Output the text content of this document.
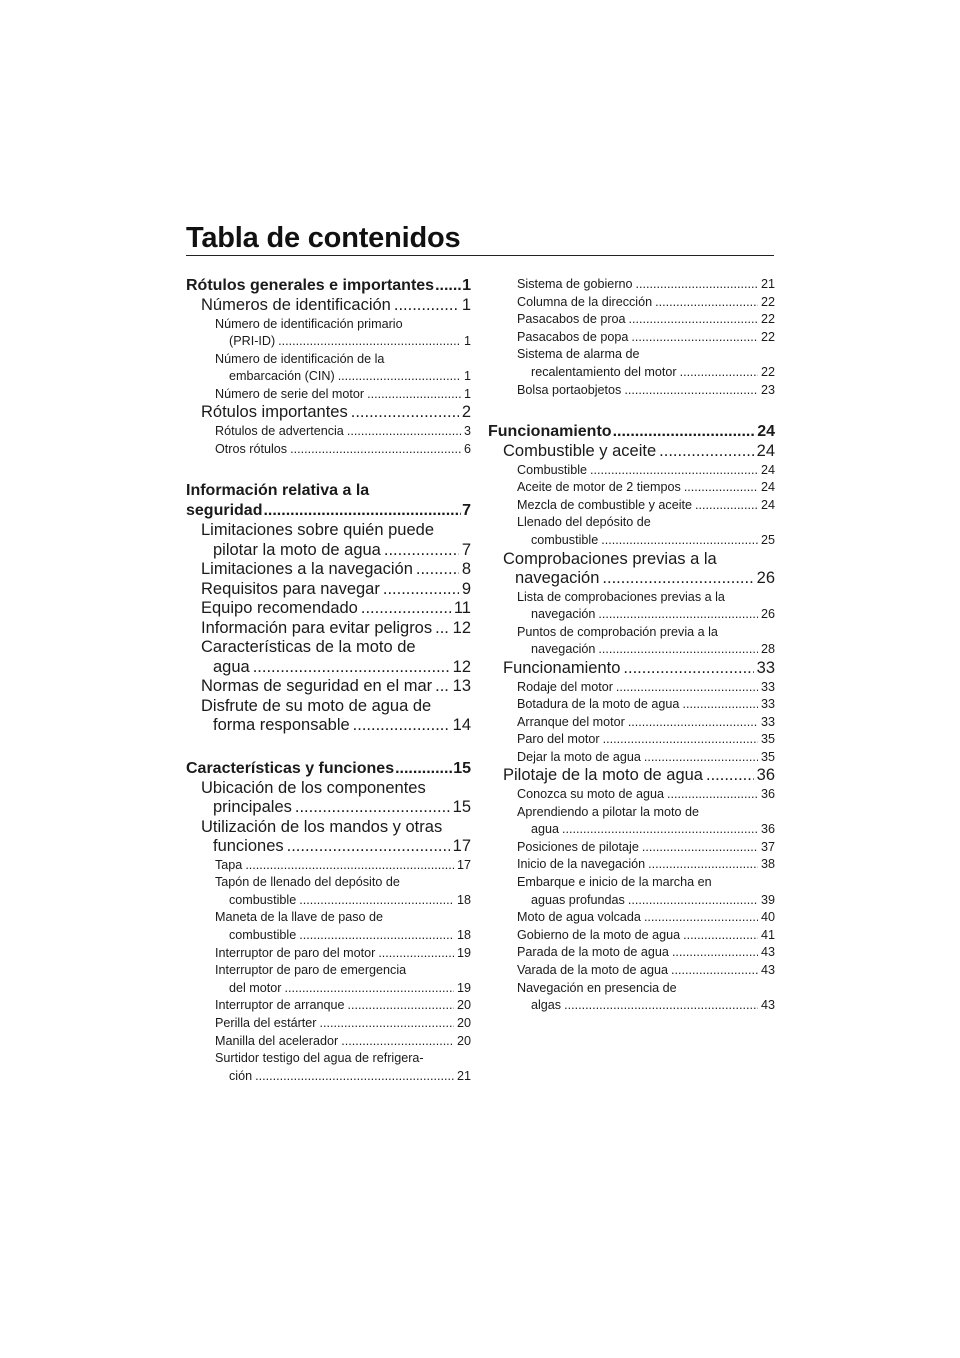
Tabla de contenidos
Rótulos generales e importantes ..... 1
Números de identificación .....	1
Número de identificación primario
(PRI-ID) .....	1
Número de identificación de la
embarcación (CIN) .....	1
Número de serie del motor .....	1
Rótulos importantes .....	2
Rótulos de advertencia .....	3
Otros rótulos .....	6
Información relativa a la
seguridad .....	7
Limitaciones sobre quién puede
pilotar la moto de agua .....	7
Limitaciones a la navegación .....	8
Requisitos para navegar .....	9
Equipo recomendado .....	11
Información para evitar peligros ..... 12
Características de la moto de
agua .....	12
Normas de seguridad en el mar ..... 13
Disfrute de su moto de agua de
forma responsable .....	14
Características y funciones .....	15
Ubicación de los componentes
principales .....	15
Utilización de los mandos y otras
funciones .....	17
Tapa .....	17
Tapón de llenado del depósito de
combustible .....	18
Maneta de la llave de paso de
combustible .....	18
Interruptor de paro del motor .....	19
Interruptor de paro de emergencia
del motor .....	19
Interruptor de arranque .....	20
Perilla del estárter .....	20
Manilla del acelerador .....	20
Surtidor testigo del agua de refrigera-
ción .....	21
Sistema de gobierno .....	21
Columna de la dirección .....	22
Pasacabos de proa .....	22
Pasacabos de popa .....	22
Sistema de alarma de
recalentamiento del motor .....	22
Bolsa portaobjetos .....	23
Funcionamiento .....	24
Combustible y aceite .....	24
Combustible .....	24
Aceite de motor de 2 tiempos .....	24
Mezcla de combustible y aceite .....	24
Llenado del depósito de
combustible .....	25
Comprobaciones previas a la
navegación .....	26
Lista de comprobaciones previas a la
navegación .....	26
Puntos de comprobación previa a la
navegación .....	28
Funcionamiento .....	33
Rodaje del motor .....	33
Botadura de la moto de agua .....	33
Arranque del motor .....	33
Paro del motor .....	35
Dejar la moto de agua .....	35
Pilotaje de la moto de agua .....	36
Conozca su moto de agua .....	36
Aprendiendo a pilotar la moto de
agua .....	36
Posiciones de pilotaje .....	37
Inicio de la navegación .....	38
Embarque e inicio de la marcha en
aguas profundas .....	39
Moto de agua volcada .....	40
Gobierno de la moto de agua .....	41
Parada de la moto de agua .....	43
Varada de la moto de agua .....	43
Navegación en presencia de
algas .....	43
